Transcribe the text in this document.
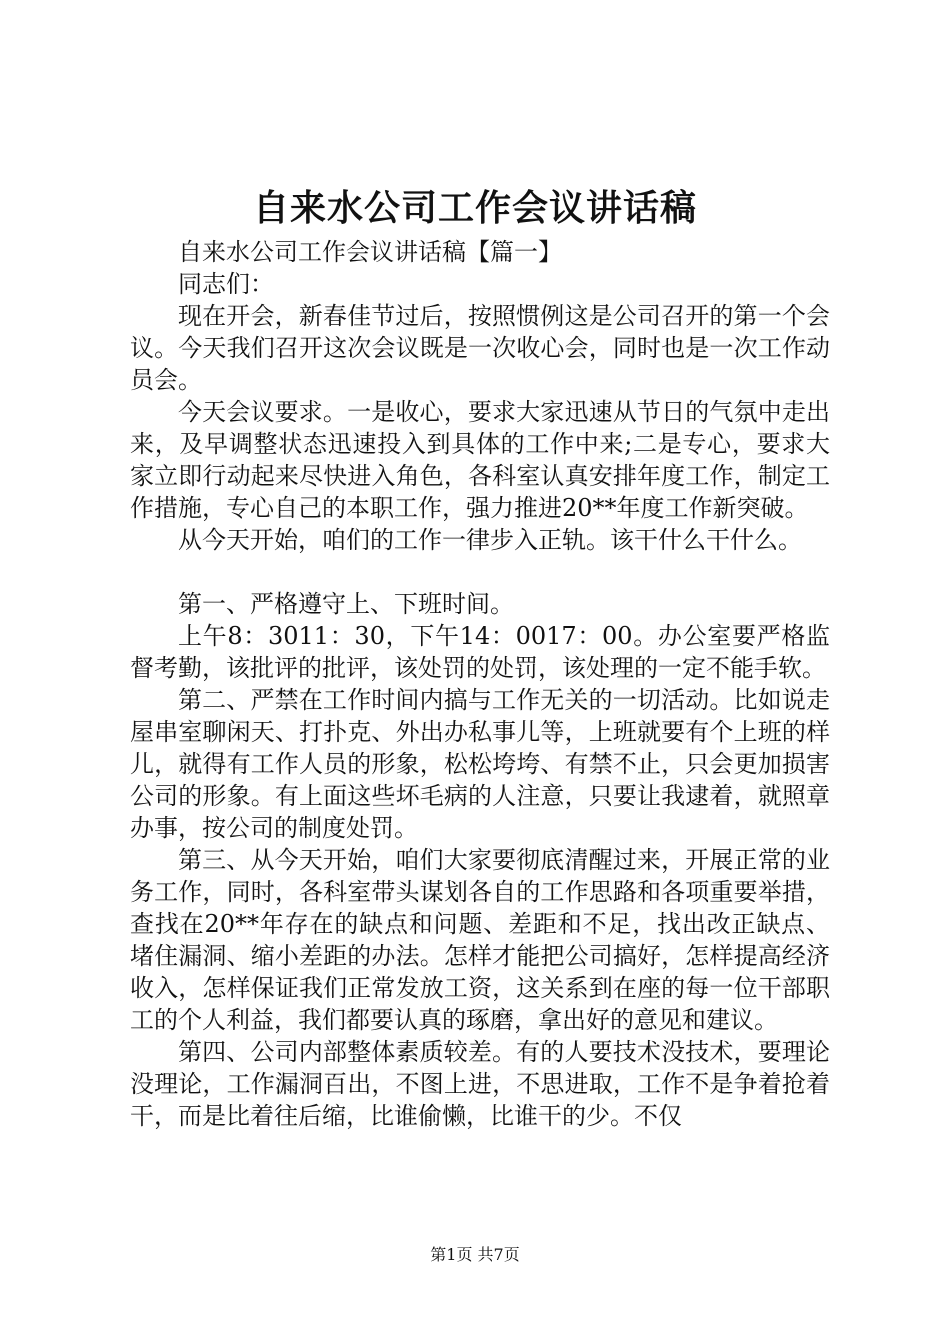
自来水公司工作会议讲话稿

自来水公司工作会议讲话稿【篇一】

同志们：

现在开会，新春佳节过后，按照惯例这是公司召开的第一个会议。今天我们召开这次会议既是一次收心会，同时也是一次工作动员会。

今天会议要求。一是收心，要求大家迅速从节日的气氛中走出来，及早调整状态迅速投入到具体的工作中来;二是专心，要求大家立即行动起来尽快进入角色，各科室认真安排年度工作，制定工作措施，专心自己的本职工作，强力推进20**年度工作新突破。

从今天开始，咱们的工作一律步入正轨。该干什么干什么。

第一、严格遵守上、下班时间。

上午8：3011：30，下午14：0017：00。办公室要严格监督考勤，该批评的批评，该处罚的处罚，该处理的一定不能手软。

第二、严禁在工作时间内搞与工作无关的一切活动。比如说走屋串室聊闲天、打扑克、外出办私事儿等，上班就要有个上班的样儿，就得有工作人员的形象，松松垮垮、有禁不止，只会更加损害公司的形象。有上面这些坏毛病的人注意，只要让我逮着，就照章办事，按公司的制度处罚。

第三、从今天开始，咱们大家要彻底清醒过来，开展正常的业务工作，同时，各科室带头谋划各自的工作思路和各项重要举措，查找在20**年存在的缺点和问题、差距和不足，找出改正缺点、堵住漏洞、缩小差距的办法。怎样才能把公司搞好，怎样提高经济收入，怎样保证我们正常发放工资，这关系到在座的每一位干部职工的个人利益，我们都要认真的琢磨，拿出好的意见和建议。

第四、公司内部整体素质较差。有的人要技术没技术，要理论没理论，工作漏洞百出，不图上进，不思进取，工作不是争着抢着干，而是比着往后缩，比谁偷懒，比谁干的少。不仅

第1页 共7页
